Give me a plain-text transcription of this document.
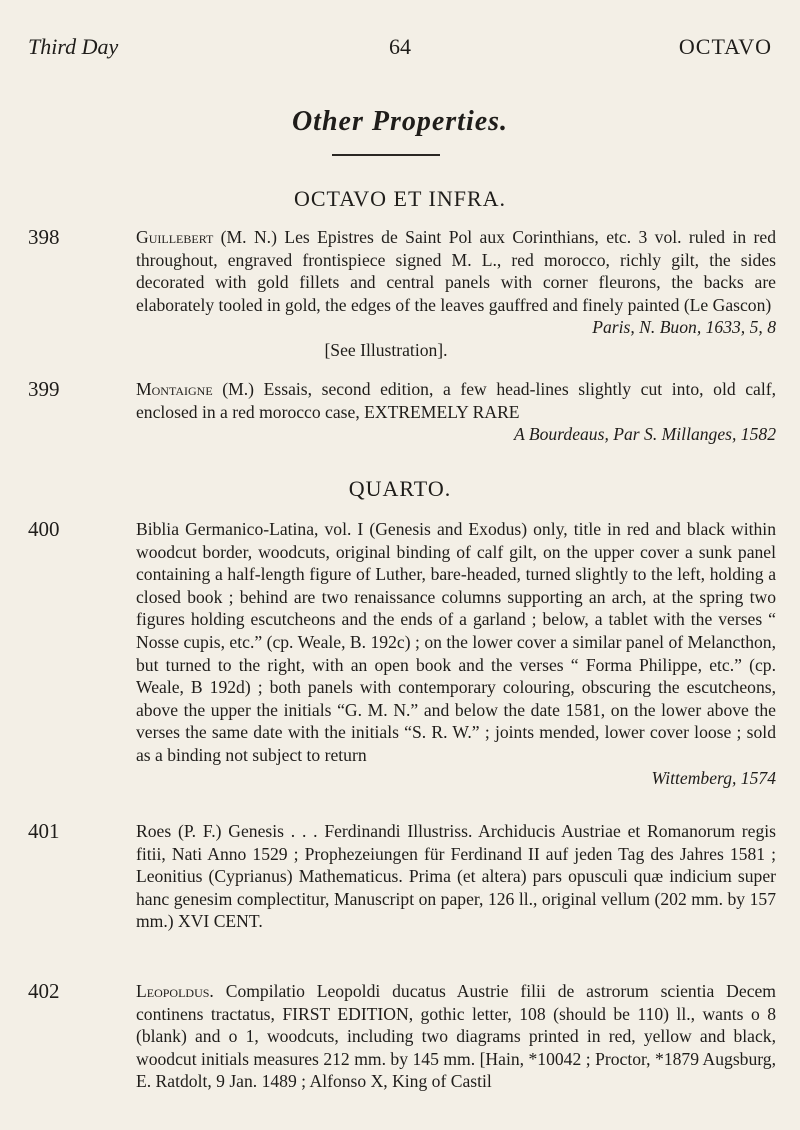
Third Day	64	OCTAVO
Other Properties.
OCTAVO ET INFRA.
398	Guillebert (M. N.) Les Epistres de Saint Pol aux Corinthians, etc. 3 vol. ruled in red throughout, engraved frontispiece signed M. L., red morocco, richly gilt, the sides decorated with gold fillets and central panels with corner fleurons, the backs are elaborately tooled in gold, the edges of the leaves gauffred and finely painted (Le Gascon)
Paris, N. Buon, 1633, 5, 8
[See Illustration].
399	Montaigne (M.) Essais, second edition, a few head-lines slightly cut into, old calf, enclosed in a red morocco case, EXTREMELY RARE
A Bourdeaus, Par S. Millanges, 1582
QUARTO.
400	Biblia Germanico-Latina, vol. I (Genesis and Exodus) only, title in red and black within woodcut border, woodcuts, original binding of calf gilt, on the upper cover a sunk panel containing a half-length figure of Luther, bare-headed, turned slightly to the left, holding a closed book ; behind are two renaissance columns supporting an arch, at the spring two figures holding escutcheons and the ends of a garland ; below, a tablet with the verses “ Nosse cupis, etc.” (cp. Weale, B. 192c) ; on the lower cover a similar panel of Melancthon, but turned to the right, with an open book and the verses “ Forma Philippe, etc.” (cp. Weale, B 192d) ; both panels with contemporary colouring, obscuring the escutcheons, above the upper the initials “G. M. N.” and below the date 1581, on the lower above the verses the same date with the initials “S. R. W.” ; joints mended, lower cover loose ; sold as a binding not subject to return
Wittemberg, 1574
401	Roes (P. F.) Genesis . . . Ferdinandi Illustriss. Archiducis Austriae et Romanorum regis fitii, Nati Anno 1529 ; Prophezeiungen für Ferdinand II auf jeden Tag des Jahres 1581 ; Leonitius (Cyprianus) Mathematicus. Prima (et altera) pars opusculi quæ indicium super hanc genesim complectitur, Manuscript on paper, 126 ll., original vellum (202 mm. by 157 mm.) XVI CENT.
402	Leopoldus. Compilatio Leopoldi ducatus Austrie filii de astrorum scientia Decem continens tractatus, FIRST EDITION, gothic letter, 108 (should be 110) ll., wants o 8 (blank) and o 1, woodcuts, including two diagrams printed in red, yellow and black, woodcut initials measures 212 mm. by 145 mm. [Hain, *10042 ; Proctor, *1879 Augsburg, E. Ratdolt, 9 Jan. 1489 ; Alfonso X, King of Castil
